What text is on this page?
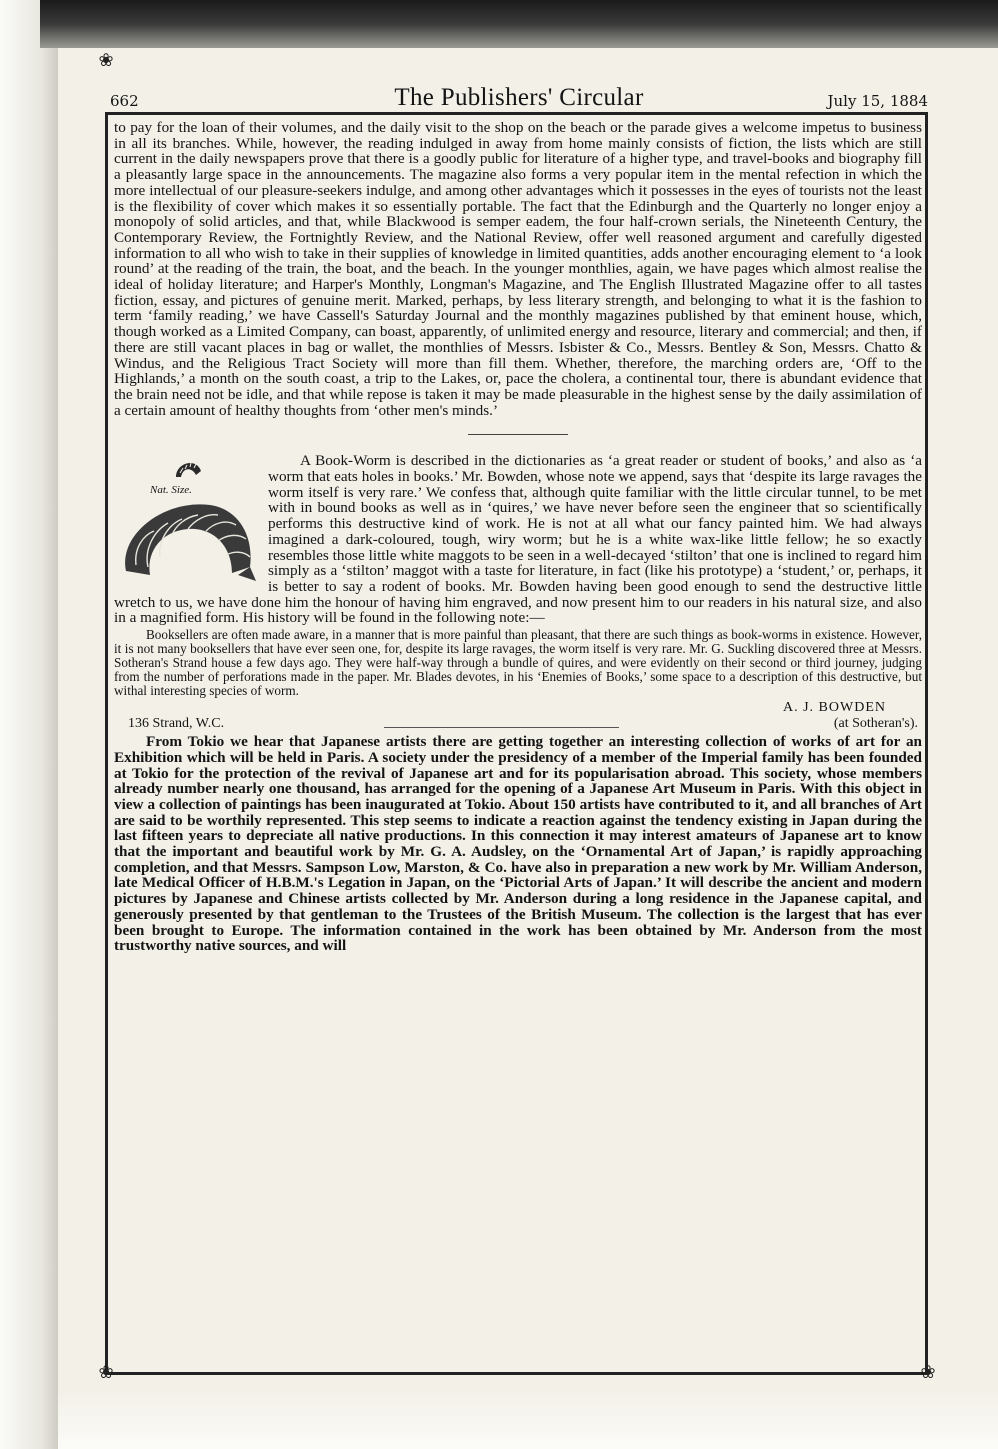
❀
❀	❀
662	The Publishers' Circular	July 15, 1884

to pay for the loan of their volumes, and the daily visit to the shop on the beach or the parade gives a welcome impetus to business in all its branches. While, however, the reading indulged in away from home mainly consists of fiction, the lists which are still current in the daily newspapers prove that there is a goodly public for literature of a higher type, and travel-books and biography fill a pleasantly large space in the announcements. The magazine also forms a very popular item in the mental refection in which the more intellectual of our pleasure-seekers indulge, and among other advantages which it possesses in the eyes of tourists not the least is the flexibility of cover which makes it so essentially portable. The fact that the Edinburgh and the Quarterly no longer enjoy a monopoly of solid articles, and that, while Blackwood is semper eadem, the four half-crown serials, the Nineteenth Century, the Contemporary Review, the Fortnightly Review, and the National Review, offer well reasoned argument and carefully digested information to all who wish to take in their supplies of knowledge in limited quantities, adds another encouraging element to ‘a look round’ at the reading of the train, the boat, and the beach. In the younger monthlies, again, we have pages which almost realise the ideal of holiday literature; and Harper's Monthly, Longman's Magazine, and The English Illustrated Magazine offer to all tastes fiction, essay, and pictures of genuine merit. Marked, perhaps, by less literary strength, and belonging to what it is the fashion to term ‘family reading,’ we have Cassell's Saturday Journal and the monthly magazines published by that eminent house, which, though worked as a Limited Company, can boast, apparently, of unlimited energy and resource, literary and commercial; and then, if there are still vacant places in bag or wallet, the monthlies of Messrs. Isbister & Co., Messrs. Bentley & Son, Messrs. Chatto & Windus, and the Religious Tract Society will more than fill them. Whether, therefore, the marching orders are, ‘Off to the Highlands,’ a month on the south coast, a trip to the Lakes, or, pace the cholera, a continental tour, there is abundant evidence that the brain need not be idle, and that while repose is taken it may be made pleasurable in the highest sense by the daily assimilation of a certain amount of healthy thoughts from ‘other men's minds.’

Nat. Size.
A Book-Worm is described in the dictionaries as ‘a great reader or student of books,’ and also as ‘a worm that eats holes in books.’ Mr. Bowden, whose note we append, says that ‘despite its large ravages the worm itself is very rare.’ We confess that, although quite familiar with the little circular tunnel, to be met with in bound books as well as in ‘quires,’ we have never before seen the engineer that so scientifically performs this destructive kind of work. He is not at all what our fancy painted him. We had always imagined a dark-coloured, tough, wiry worm; but he is a white wax-like little fellow; he so exactly resembles those little white maggots to be seen in a well-decayed ‘stilton’ that one is inclined to regard him simply as a ‘stilton’ maggot with a taste for literature, in fact (like his prototype) a ‘student,’ or, perhaps, it is better to say a rodent of books. Mr. Bowden having been good enough to send the destructive little wretch to us, we have done him the honour of having him engraved, and now present him to our readers in his natural size, and also in a magnified form. His history will be found in the following note:—

Booksellers are often made aware, in a manner that is more painful than pleasant, that there are such things as book-worms in existence. However, it is not many booksellers that have ever seen one, for, despite its large ravages, the worm itself is very rare. Mr. G. Suckling discovered three at Messrs. Sotheran's Strand house a few days ago. They were half-way through a bundle of quires, and were evidently on their second or third journey, judging from the number of perforations made in the paper. Mr. Blades devotes, in his ‘Enemies of Books,’ some space to a description of this destructive, but withal interesting species of worm.

A. J. BOWDEN
136 Strand, W.C.	(at Sotheran's).

From Tokio we hear that Japanese artists there are getting together an interesting collection of works of art for an Exhibition which will be held in Paris. A society under the presidency of a member of the Imperial family has been founded at Tokio for the protection of the revival of Japanese art and for its popularisation abroad. This society, whose members already number nearly one thousand, has arranged for the opening of a Japanese Art Museum in Paris. With this object in view a collection of paintings has been inaugurated at Tokio. About 150 artists have contributed to it, and all branches of Art are said to be worthily represented. This step seems to indicate a reaction against the tendency existing in Japan during the last fifteen years to depreciate all native productions. In this connection it may interest amateurs of Japanese art to know that the important and beautiful work by Mr. G. A. Audsley, on the ‘Ornamental Art of Japan,’ is rapidly approaching completion, and that Messrs. Sampson Low, Marston, & Co. have also in preparation a new work by Mr. William Anderson, late Medical Officer of H.B.M.'s Legation in Japan, on the ‘Pictorial Arts of Japan.’ It will describe the ancient and modern pictures by Japanese and Chinese artists collected by Mr. Anderson during a long residence in the Japanese capital, and generously presented by that gentleman to the Trustees of the British Museum. The collection is the largest that has ever been brought to Europe. The information contained in the work has been obtained by Mr. Anderson from the most trustworthy native sources, and will
